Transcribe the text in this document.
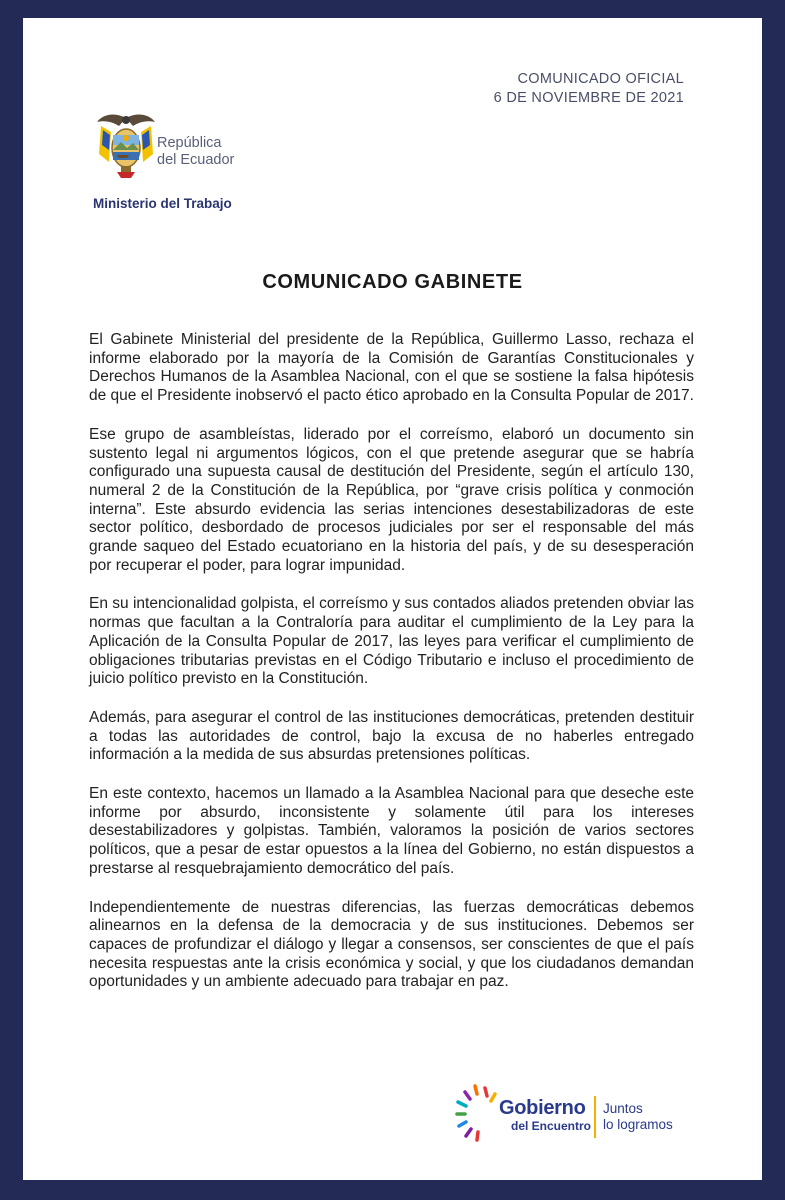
COMUNICADO OFICIAL
6 DE NOVIEMBRE DE 2021
República
del Ecuador
Ministerio del Trabajo
COMUNICADO GABINETE

El Gabinete Ministerial del presidente de la República, Guillermo Lasso, rechaza el informe elaborado por la mayoría de la Comisión de Garantías Constitucionales y Derechos Humanos de la Asamblea Nacional, con el que se sostiene la falsa hipótesis de que el Presidente inobservó el pacto ético aprobado en la Consulta Popular de 2017.

Ese grupo de asambleístas, liderado por el correísmo, elaboró un documento sin sustento legal ni argumentos lógicos, con el que pretende asegurar que se habría configurado una supuesta causal de destitución del Presidente, según el artículo 130, numeral 2 de la Constitución de la República, por “grave crisis política y conmoción interna”. Este absurdo evidencia las serias intenciones desestabilizadoras de este sector político, desbordado de procesos judiciales por ser el responsable del más grande saqueo del Estado ecuatoriano en la historia del país, y de su desesperación por recuperar el poder, para lograr impunidad.

En su intencionalidad golpista, el correísmo y sus contados aliados pretenden obviar las normas que facultan a la Contraloría para auditar el cumplimiento de la Ley para la Aplicación de la Consulta Popular de 2017, las leyes para verificar el cumplimiento de obligaciones tributarias previstas en el Código Tributario e incluso el procedimiento de juicio político previsto en la Constitución.

Además, para asegurar el control de las instituciones democráticas, pretenden destituir a todas las autoridades de control, bajo la excusa de no haberles entregado información a la medida de sus absurdas pretensiones políticas.

En este contexto, hacemos un llamado a la Asamblea Nacional para que deseche este informe por absurdo, inconsistente y solamente útil para los intereses desestabilizadores y golpistas. También, valoramos la posición de varios sectores políticos, que a pesar de estar opuestos a la línea del Gobierno, no están dispuestos a prestarse al resquebrajamiento democrático del país.

Independientemente de nuestras diferencias, las fuerzas democráticas debemos alinearnos en la defensa de la democracia y de sus instituciones. Debemos ser capaces de profundizar el diálogo y llegar a consensos, ser conscientes de que el país necesita respuestas ante la crisis económica y social, y que los ciudadanos demandan oportunidades y un ambiente adecuado para trabajar en paz.

Gobierno
del Encuentro
Juntos
lo logramos
